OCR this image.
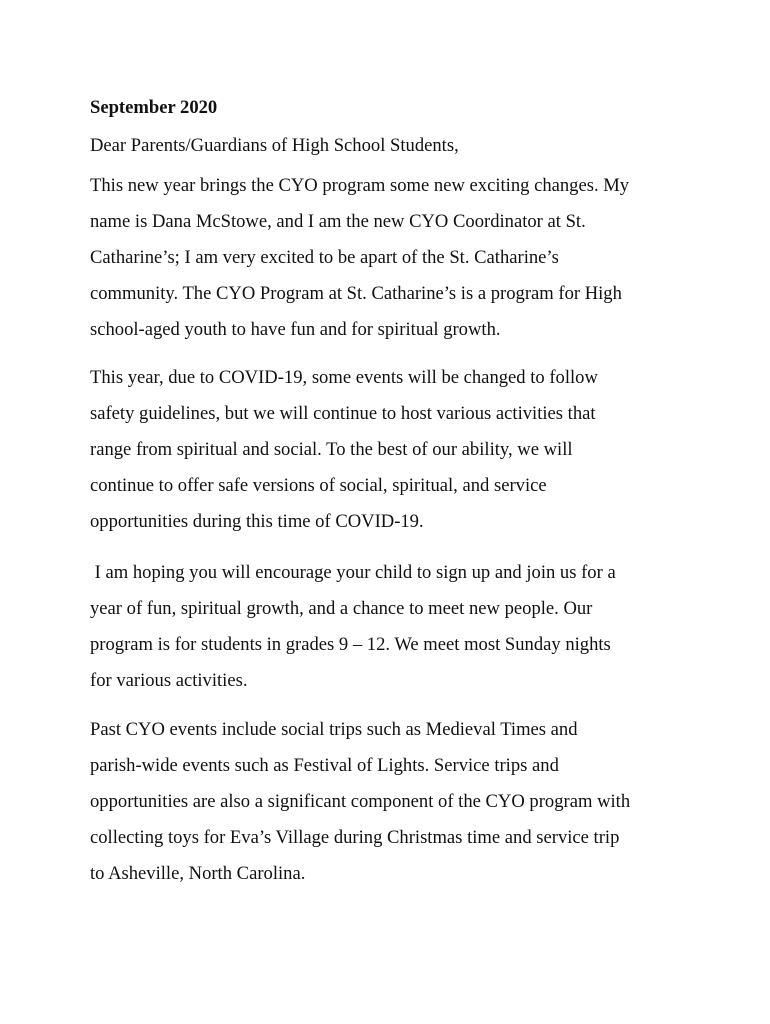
September 2020

Dear Parents/Guardians of High School Students,

This new year brings the CYO program some new exciting changes. My
name is Dana McStowe, and I am the new CYO Coordinator at St.
Catharine’s; I am very excited to be apart of the St. Catharine’s
community. The CYO Program at St. Catharine’s is a program for High
school-aged youth to have fun and for spiritual growth.
This year, due to COVID-19, some events will be changed to follow
safety guidelines, but we will continue to host various activities that
range from spiritual and social. To the best of our ability, we will
continue to offer safe versions of social, spiritual, and service
opportunities during this time of COVID-19.
I am hoping you will encourage your child to sign up and join us for a
year of fun, spiritual growth, and a chance to meet new people. Our
program is for students in grades 9 – 12. We meet most Sunday nights
for various activities.
Past CYO events include social trips such as Medieval Times and
parish-wide events such as Festival of Lights. Service trips and
opportunities are also a significant component of the CYO program with
collecting toys for Eva’s Village during Christmas time and service trip
to Asheville, North Carolina.
